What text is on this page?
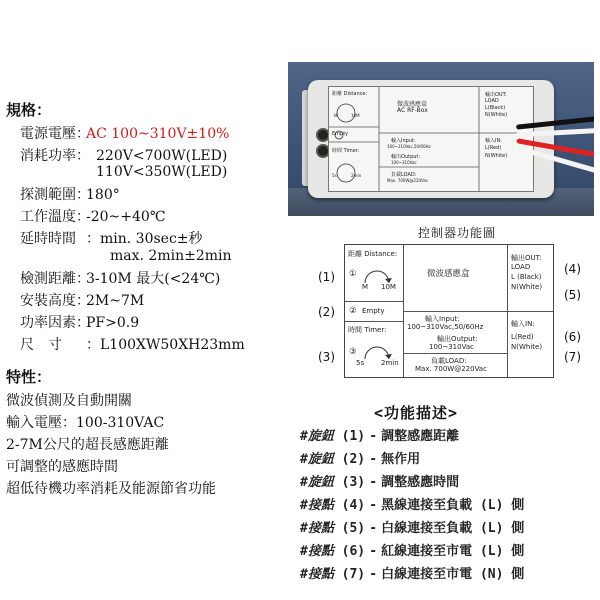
規格：
電源電壓：AC 100~310V±10%
消耗功率： 220V<700W(LED)
110V<350W(LED)
探測範圍：180°
工作溫度：-20~+40℃
延時時間 ：min. 30sec±秒
max. 2min±2min
檢測距離：3-10M 最大(<24℃)
安裝高度：2M~7M
功率因素：PF>0.9
尺　寸 ：L100XW50XH23mm
特性：
微波偵測及自動開關
輸入電壓：100-310VAC
2-7M公尺的超長感應距離
可調整的感應時間
超低待機功率消耗及能源節省功能
距離 Distance:
M	10M
Empty
時間 Timer:
5s	2min
微波感應盒
AC RF-Box
輸入Input:
100~310Vac,50/60Hz
輸出Output:
100~310Vac
負載LOAD:
Max. 700W@220Vac
輸出OUT:
LOAD
L(Black)
N(White)
輸入IN:
L(Red)
N(White)
控制器功能圖
距離 Distance:
①
M 10M
② Empty
時間 Timer:
③
5s 2min
微波感應盒
輸入Input:
100~310Vac,50/60Hz
輸出Output:
100~310Vac
負載LOAD:
Max. 700W@220Vac
輸出OUT:
LOAD
L (Black)
N(White)
輸入IN:
L(Red)
N(White)
(1)
(2)
(3)
(4)
(5)
(6)
(7)
<功能描述>
#旋鈕 (1) - 調整感應距離
#旋鈕 (2) - 無作用
#旋鈕 (3) - 調整感應時間
#接點 (4) - 黑線連接至負載 (L) 側
#接點 (5) - 白線連接至負載 (L) 側
#接點 (6) - 紅線連接至市電 (L) 側
#接點 (7) - 白線連接至市電 (N) 側
